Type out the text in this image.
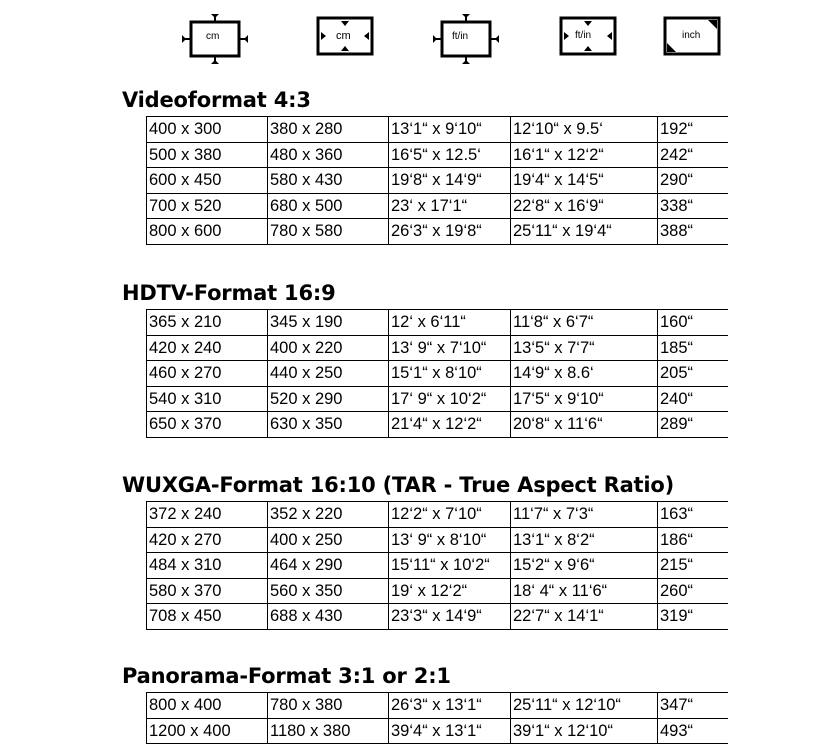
cm	cm	ft/in	ft/in	inch
Videoformat 4:3
400 x 300	380 x 280	13‘1“ x 9‘10“	12‘10“ x 9.5‘	192“
500 x 380	480 x 360	16‘5“ x 12.5‘	16‘1“ x 12‘2“	242“
600 x 450	580 x 430	19‘8“ x 14‘9“	19‘4“ x 14‘5“	290“
700 x 520	680 x 500	23‘ x 17‘1“	22‘8“ x 16‘9“	338“
800 x 600	780 x 580	26‘3“ x 19‘8“	25‘11“ x 19‘4“	388“
HDTV-Format 16:9
365 x 210	345 x 190	12‘ x 6‘11“	11‘8“ x 6‘7“	160“
420 x 240	400 x 220	13‘ 9“ x 7‘10“	13‘5“ x 7‘7“	185“
460 x 270	440 x 250	15‘1“ x 8‘10“	14‘9“ x 8.6‘	205“
540 x 310	520 x 290	17‘ 9“ x 10‘2“	17‘5“ x 9‘10“	240“
650 x 370	630 x 350	21‘4“ x 12‘2“	20‘8“ x 11‘6“	289“
WUXGA-Format 16:10 (TAR - True Aspect Ratio)
372 x 240	352 x 220	12‘2“ x 7‘10“	11‘7“ x 7‘3“	163“
420 x 270	400 x 250	13‘ 9“ x 8‘10“	13‘1“ x 8‘2“	186“
484 x 310	464 x 290	15‘11“ x 10‘2“	15‘2“ x 9‘6“	215“
580 x 370	560 x 350	19‘ x 12‘2“	18‘ 4“ x 11‘6“	260“
708 x 450	688 x 430	23‘3“ x 14‘9“	22‘7“ x 14‘1“	319“
Panorama-Format 3:1 or 2:1
800 x 400	780 x 380	26‘3“ x 13‘1“	25‘11“ x 12‘10“	347“
1200 x 400	1180 x 380	39‘4“ x 13‘1“	39‘1“ x 12‘10“	493“
